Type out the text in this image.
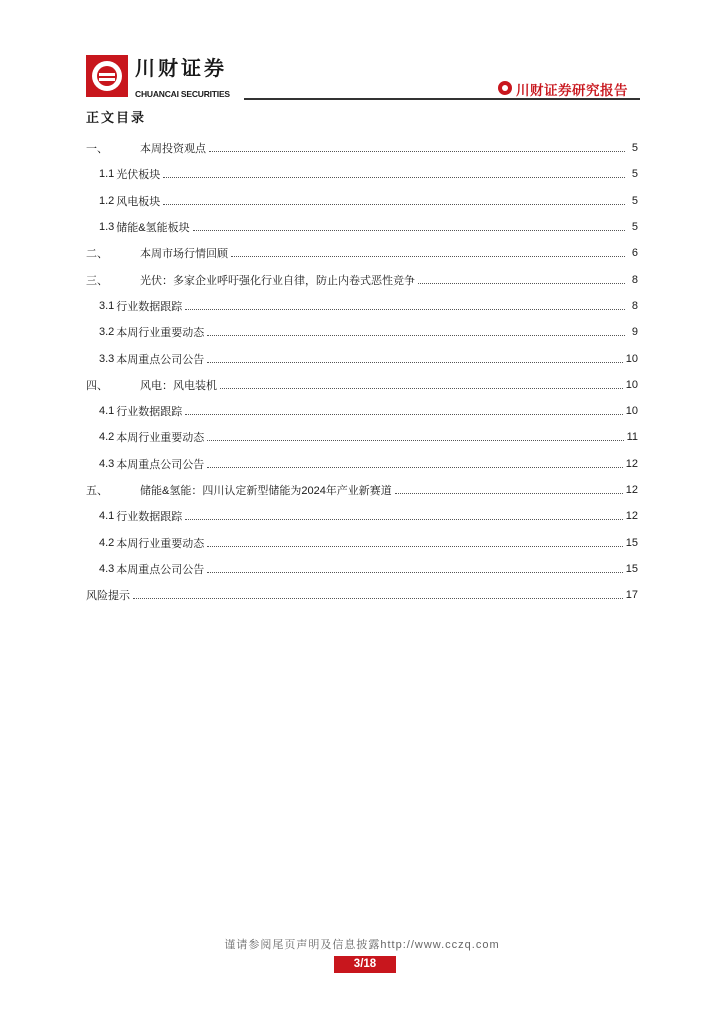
川财证券
CHUANCAI SECURITIES	川财证券研究报告
正文目录
一、	本周投资观点	5
1.1 光伏板块	5
1.2 风电板块	5
1.3 储能&氢能板块	5
二、	本周市场行情回顾	6
三、	光伏：多家企业呼吁强化行业自律，防止内卷式恶性竞争	8
3.1 行业数据跟踪	8
3.2 本周行业重要动态	9
3.3 本周重点公司公告	10
四、	风电：风电装机	10
4.1 行业数据跟踪	10
4.2 本周行业重要动态	11
4.3 本周重点公司公告	12
五、	储能&氢能：四川认定新型储能为2024年产业新赛道	12
4.1 行业数据跟踪	12
4.2 本周行业重要动态	15
4.3 本周重点公司公告	15
风险提示	17
谨请参阅尾页声明及信息披露http://www.cczq.com
3/18
